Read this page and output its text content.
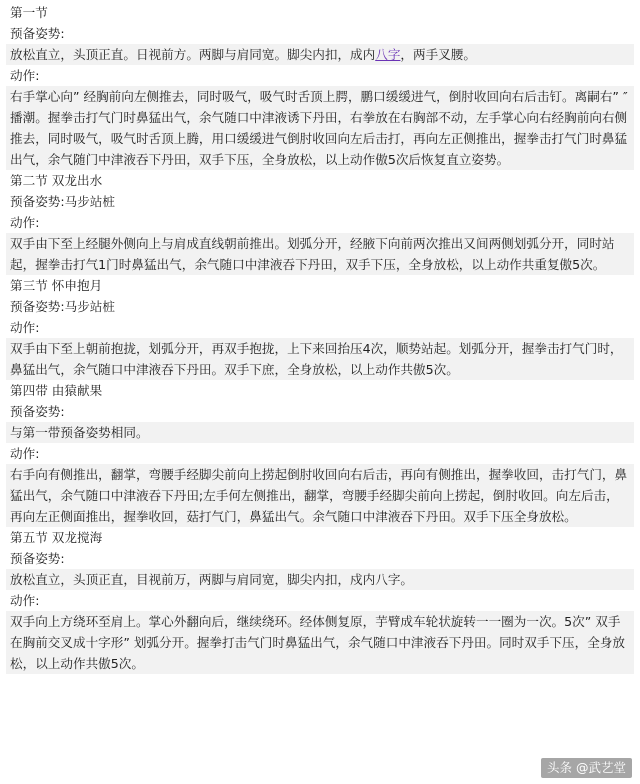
第一节
预备姿势:
放松直立，头顶正直。日视前方。两脚与肩同宽。脚尖内扣，成内八字，两手叉腰。
动作:
右手掌心向” 经胸前向左侧推去，同时吸气，吸气时舌顶上腭，鹏口缓缓进气，倒肘收回向右后击钉。离嗣右” ″播潮。握拳击打气门时鼻猛出气，余气随口中津液诱下丹田，右拳放在右胸部不动，左手掌心向右经胸前向右侧推去，同时吸气，吸气时舌顶上腾，用口缓缓进气倒肘收回向左后击打，再向左正侧推出，握拳击打气门时鼻猛出气，余气随门中津液吞下丹田，双手下压，全身放松，以上动作傲5次后恢复直立姿势。
第二节 双龙出水
预备姿势:马步站桩
动作:
双手由下至上经腿外侧向上与肩成直线朝前推出。划弧分开，经腋下向前两次推出又间两侧划弧分开，同时站起，握拳击打气1门时鼻猛出气，余气随口中津液吞下丹田，双手下压，全身放松，以上动作共重复傲5次。
第三节 怀申抱月
预备姿势:马步站桩
动作:
双手由下至上朝前抱拢，划弧分开，再双手抱拢，上下来回抬压4次，顺势站起。划弧分开，握拳击打气门时，鼻猛出气，余气随口中津液吞下丹田。双手下庶，全身放松，以上动作共傲5次。
第四带 由猿献果
预备姿势:
与第一带预备姿势相同。
动作:
右手向有侧推出，翻掌，弯腰手经脚尖前向上捞起倒肘收回向右后击，再向有侧推出，握拳收回，击打气门，鼻猛出气，余气随口中津液吞下丹田;左手何左侧推出，翻掌，弯腰手经脚尖前向上捞起，倒肘收回。向左后击，再向左正侧面推出，握拳收回，菇打气门，鼻猛出气。余气随口中津液吞下丹田。双手下压全身放松。
第五节 双龙搅海
预备姿势:
放松直立，头顶正直，目视前万，两脚与肩同宽，脚尖内扣，戍内八字。
动作:
双手向上方绕环至肩上。掌心外翻向后，继续绕环。经体侧复原，芋臂成车轮状旋转一一圈为一次。5次” 双手在胸前交叉成十字形” 划弧分开。握拳打击气门时鼻猛出气，余气随口中津液吞下丹田。同时双手下压，全身放松，以上动作共傲5次。
头条 @武艺堂
